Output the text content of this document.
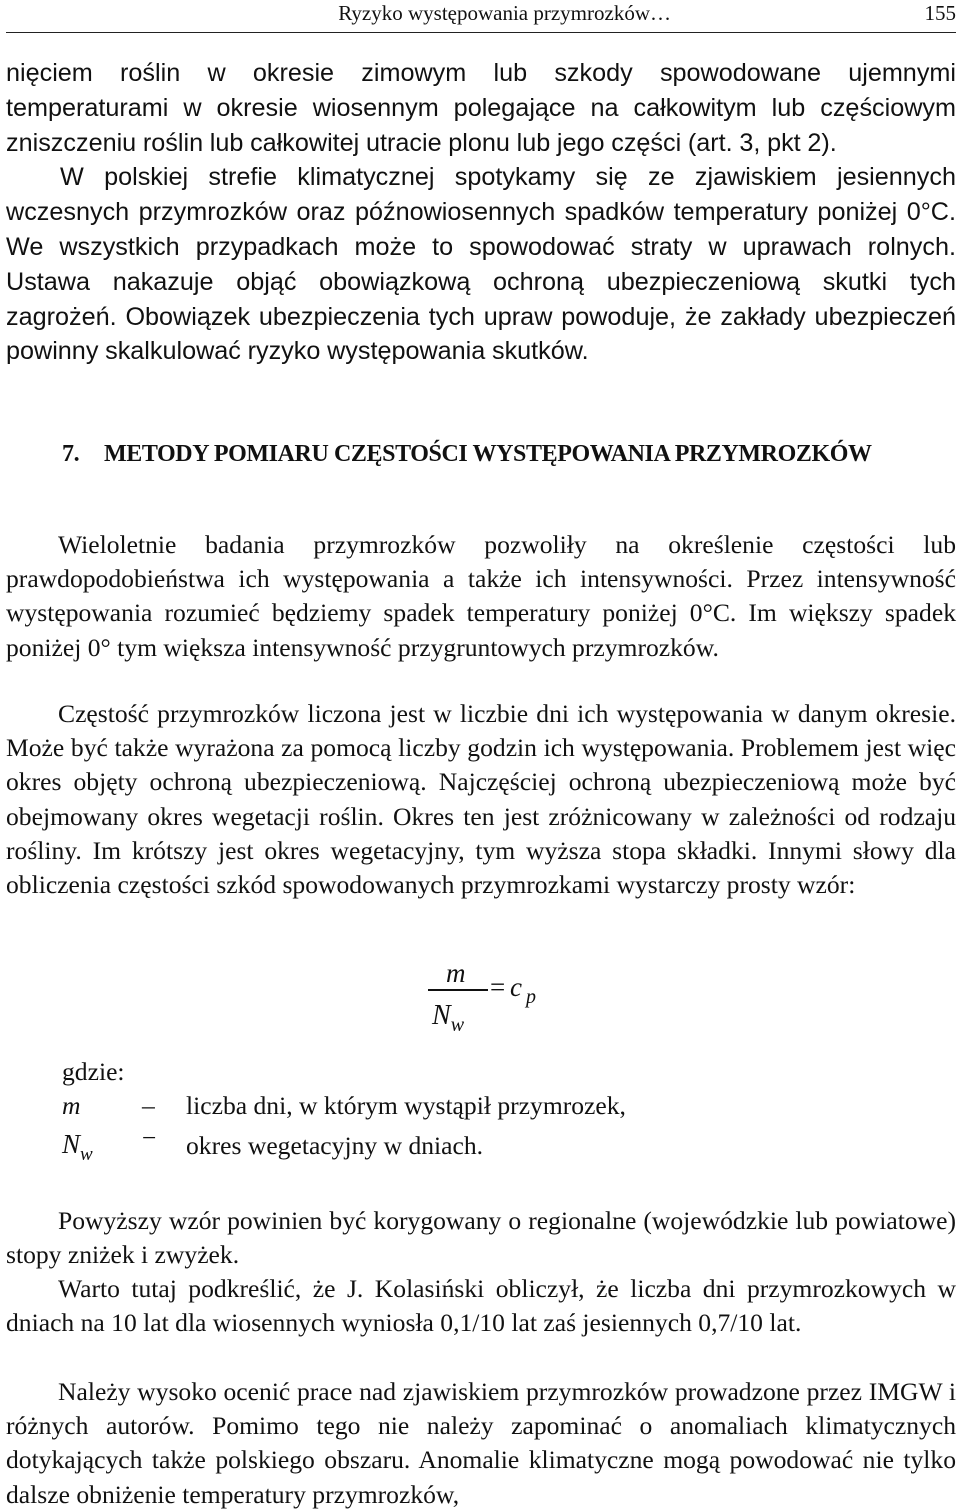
Ryzyko występowania przymrozków…	155

nięciem roślin w okresie zimowym lub szkody spowodowane ujemnymi temperaturami w okresie wiosennym polegające na całkowitym lub częściowym zniszczeniu roślin lub całkowitej utracie plonu lub jego części (art. 3, pkt 2).
W polskiej strefie klimatycznej spotykamy się ze zjawiskiem jesiennych wczesnych przymrozków oraz późnowiosennych spadków temperatury poniżej 0°C. We wszystkich przypadkach może to spowodować straty w uprawach rolnych. Ustawa nakazuje objąć obowiązkową ochroną ubezpieczeniową skutki tych zagrożeń. Obowiązek ubezpieczenia tych upraw powoduje, że zakłady ubezpieczeń powinny skalkulować ryzyko występowania skutków.

7. METODY POMIARU CZĘSTOŚCI WYSTĘPOWANIA PRZYMROZKÓW

Wieloletnie badania przymrozków pozwoliły na określenie częstości lub prawdopodobieństwa ich występowania a także ich intensywności. Przez intensywność występowania rozumieć będziemy spadek temperatury poniżej 0°C. Im większy spadek poniżej 0° tym większa intensywność przygruntowych przymrozków.

Częstość przymrozków liczona jest w liczbie dni ich występowania w danym okresie. Może być także wyrażona za pomocą liczby godzin ich występowania. Problemem jest więc okres objęty ochroną ubezpieczeniową. Najczęściej ochroną ubezpieczeniową może być obejmowany okres wegetacji roślin. Okres ten jest zróżnicowany w zależności od rodzaju rośliny. Im krótszy jest okres wegetacyjny, tym wyższa stopa składki. Innymi słowy dla obliczenia częstości szkód spowodowanych przymrozkami wystarczy prosty wzór:

m
$N_w$
= c $_p$
gdzie:
m – liczba dni, w którym wystąpił przymrozek,
$N_w$
− okres wegetacyjny w dniach.

Powyższy wzór powinien być korygowany o regionalne (wojewódzkie lub powiatowe) stopy zniżek i zwyżek.

Warto tutaj podkreślić, że J. Kolasiński obliczył, że liczba dni przymrozkowych w dniach na 10 lat dla wiosennych wyniosła 0,1/10 lat zaś jesiennych 0,7/10 lat.

Należy wysoko ocenić prace nad zjawiskiem przymrozków prowadzone przez IMGW i różnych autorów. Pomimo tego nie należy zapominać o anomaliach klimatycznych dotykających także polskiego obszaru. Anomalie klimatyczne mogą powodować nie tylko dalsze obniżenie temperatury przymrozków,
